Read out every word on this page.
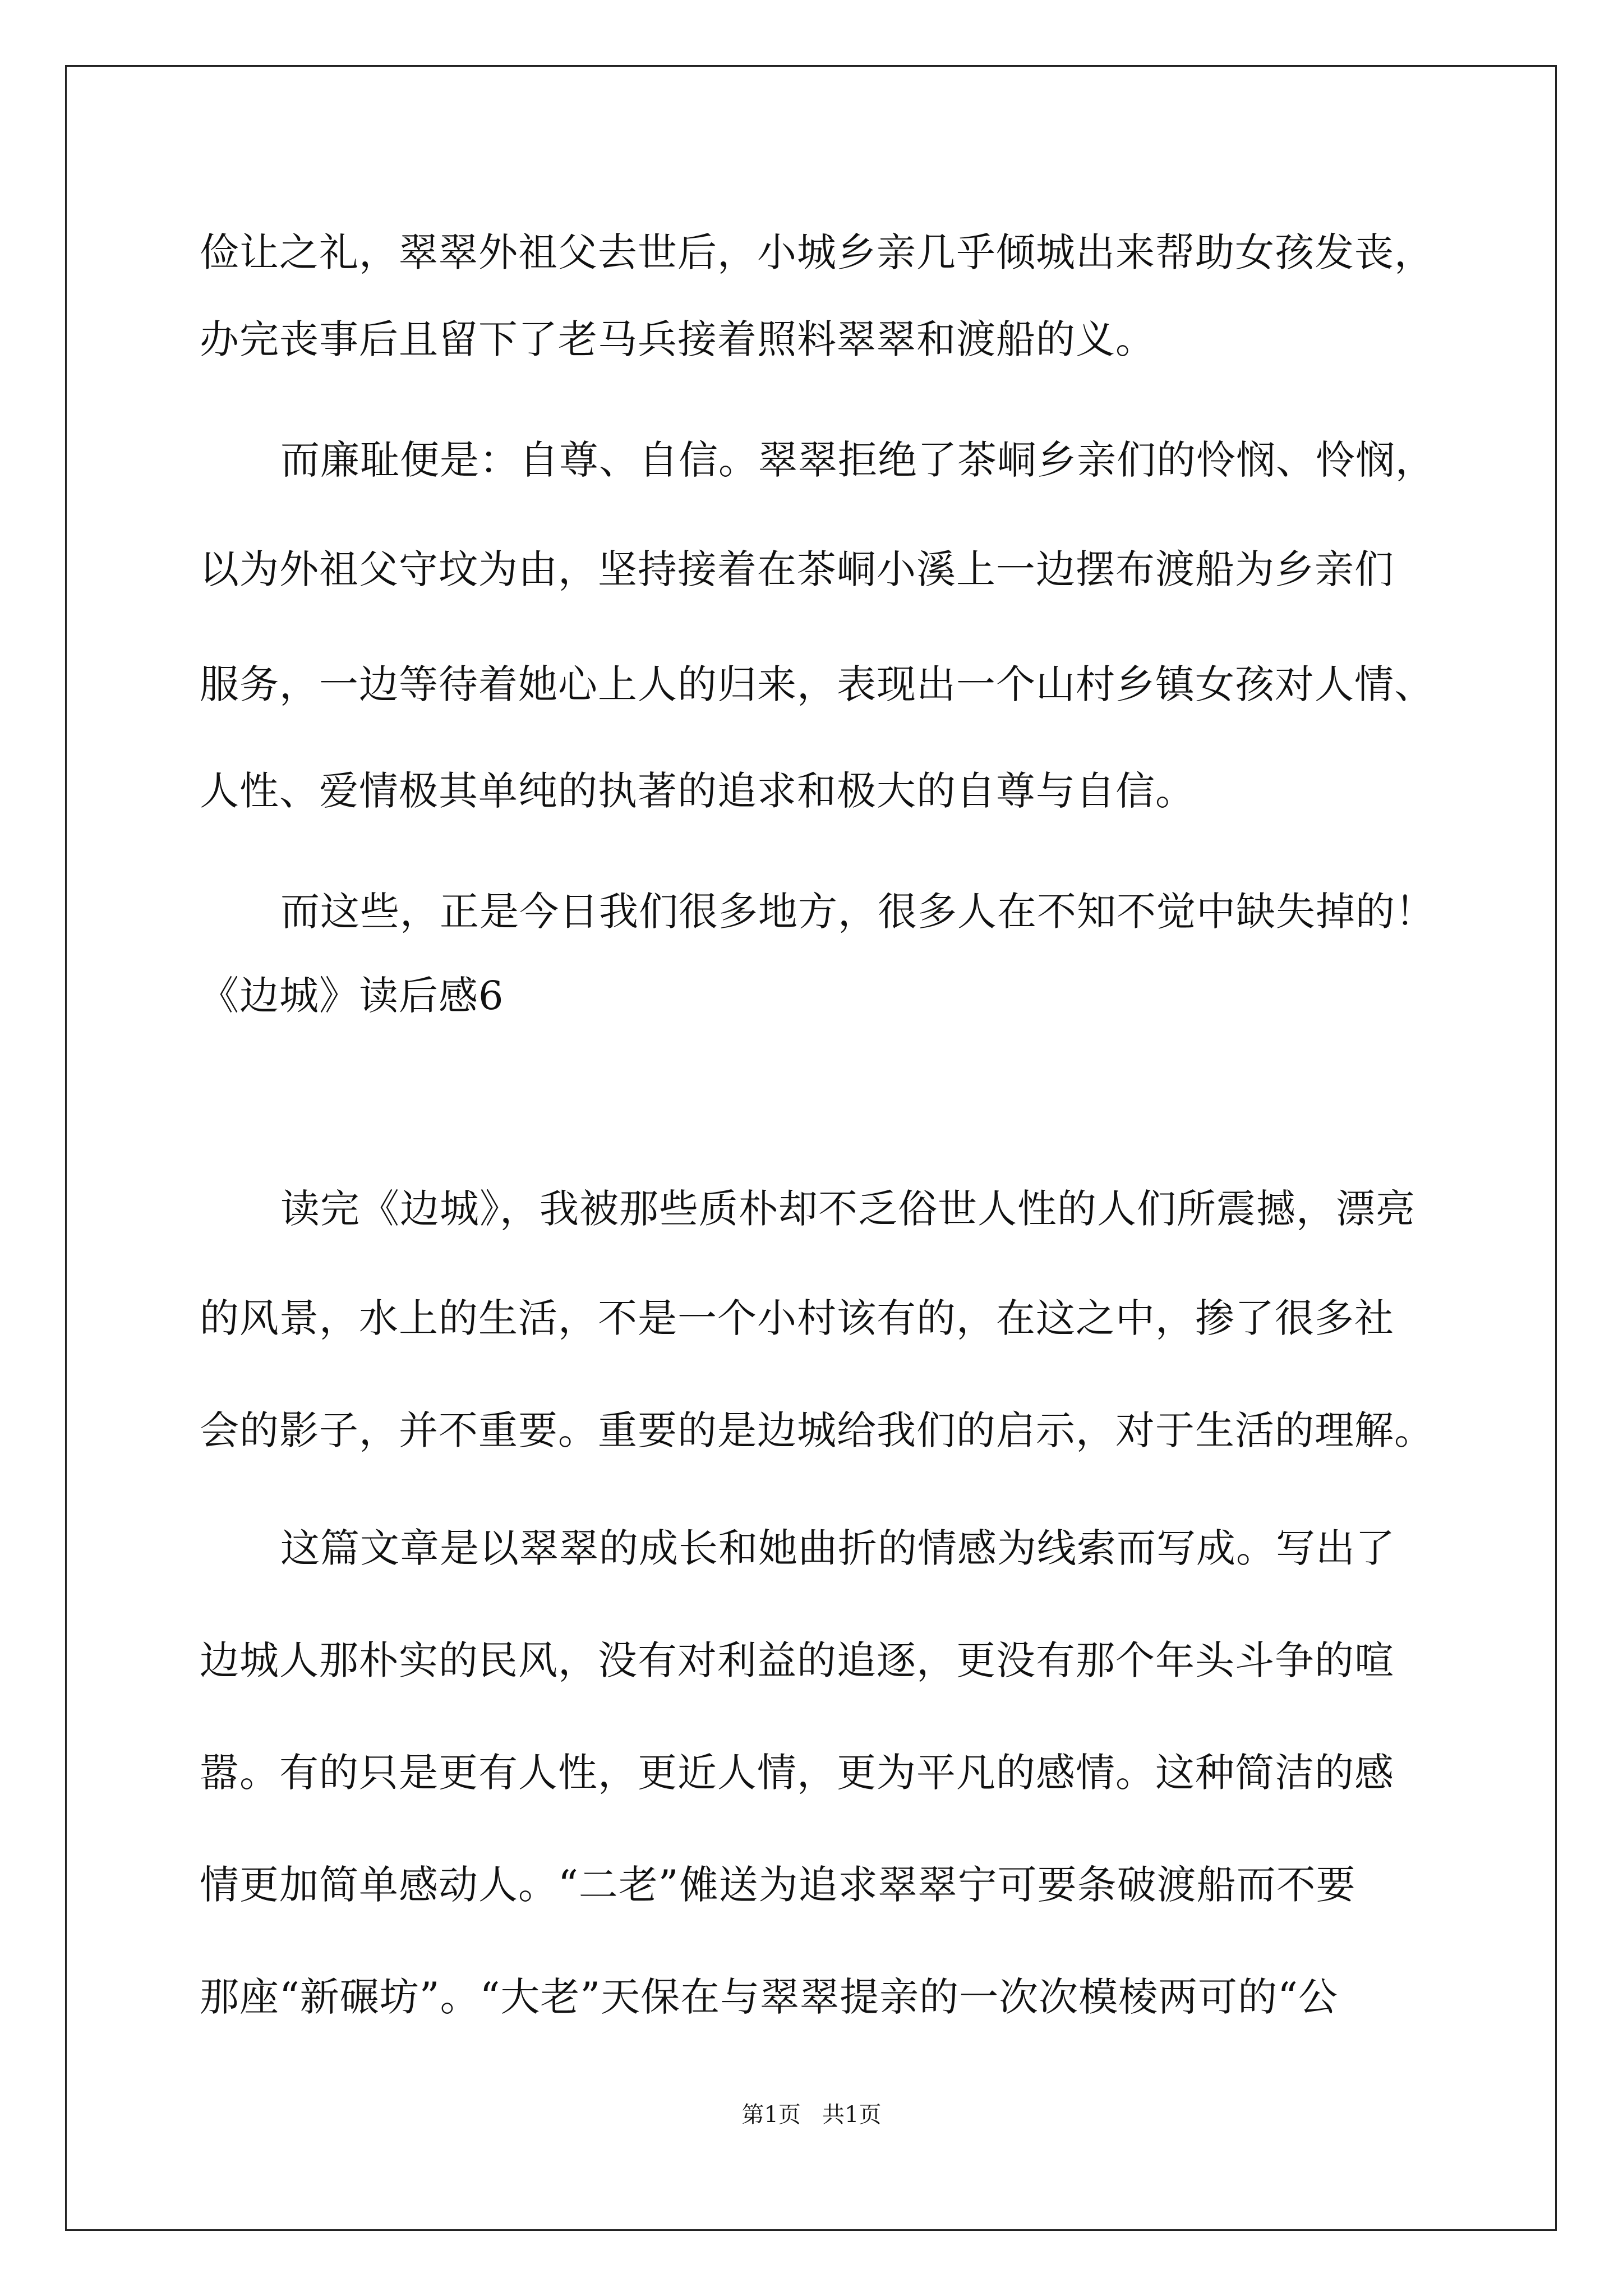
俭让之礼，翠翠外祖父去世后，小城乡亲几乎倾城出来帮助女孩发丧，
办完丧事后且留下了老马兵接着照料翠翠和渡船的义。
而廉耻便是：自尊、自信。翠翠拒绝了茶峒乡亲们的怜悯、怜悯，
以为外祖父守坟为由，坚持接着在茶峒小溪上一边摆布渡船为乡亲们
服务，一边等待着她心上人的归来，表现出一个山村乡镇女孩对人情、
人性、爱情极其单纯的执著的追求和极大的自尊与自信。
而这些，正是今日我们很多地方，很多人在不知不觉中缺失掉的！
《边城》读后感6
读完《边城》，我被那些质朴却不乏俗世人性的人们所震撼，漂亮
的风景，水上的生活，不是一个小村该有的，在这之中，掺了很多社
会的影子，并不重要。重要的是边城给我们的启示，对于生活的理解。
这篇文章是以翠翠的成长和她曲折的情感为线索而写成。写出了
边城人那朴实的民风，没有对利益的追逐，更没有那个年头斗争的喧
嚣。有的只是更有人性，更近人情，更为平凡的感情。这种简洁的感
情更加简单感动人。“二老”傩送为追求翠翠宁可要条破渡船而不要
那座“新碾坊”。“大老”天保在与翠翠提亲的一次次模棱两可的“公
第1页   共1页
